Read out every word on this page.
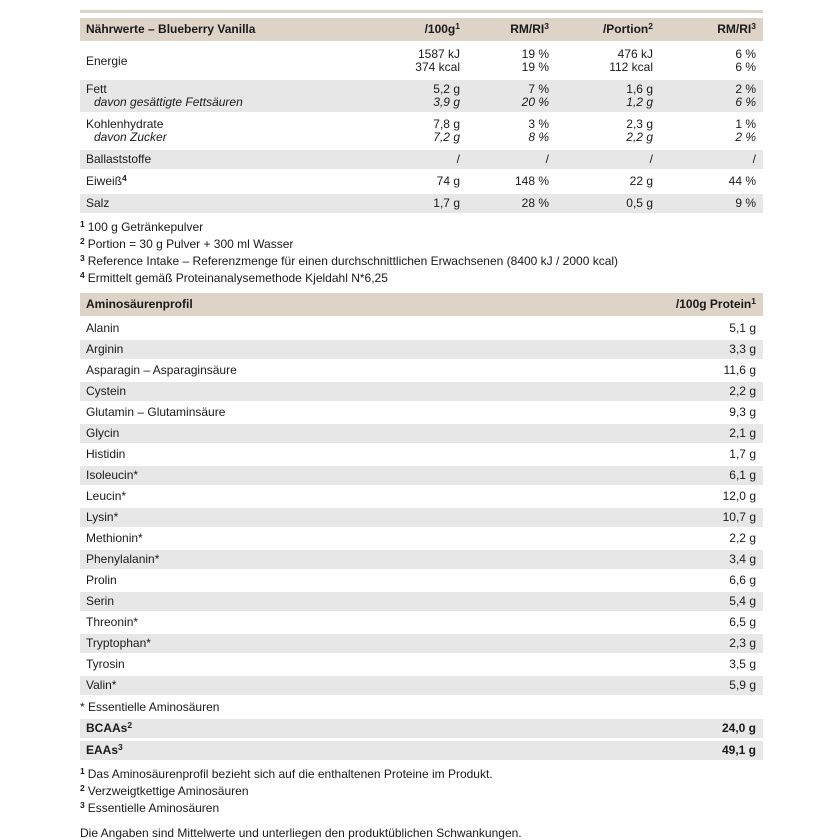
Nährwerte – Blueberry Vanilla	$/100g^1$	$RM/RI^3$	/Portion$^2$	$RM/RI^3$
Energie	1587 kJ	19 %	476 kJ	6 %
374 kcal	19 %	112 kcal	6 %
Fett	5,2 g	7 %	1,6 g	2 %
davon gesättigte Fettsäuren	3,9 g	20 %	1,2 g	6 %
Kohlenhydrate	7,8 g	3 %	2,3 g	1 %
davon Zucker	7,2 g	8 %	2,2 g	2 %
Ballaststoffe	/	/	/	/
Eiweiß$^4$	74 g	148 %	22 g	44 %
Salz	1,7 g	28 %	0,5 g	9 %

$^1$ 100 g Getränkepulver

$^2$ Portion = 30 g Pulver + 300 ml Wasser

$^3$ Reference Intake – Referenzmenge für einen durchschnittlichen Erwachsenen (8400 kJ / 2000 kcal)

$^4$ Ermittelt gemäß Proteinanalysemethode Kjeldahl N*6,25

Aminosäurenprofil	/100g Protein$^1$
Alanin	5,1 g
Arginin	3,3 g
Asparagin – Asparaginsäure	11,6 g
Cystein	2,2 g
Glutamin – Glutaminsäure	9,3 g
Glycin	2,1 g
Histidin	1,7 g
Isoleucin*	6,1 g
Leucin*	12,0 g
Lysin*	10,7 g
Methionin*	2,2 g
Phenylalanin*	3,4 g
Prolin	6,6 g
Serin	5,4 g
Threonin*	6,5 g
Tryptophan*	2,3 g
Tyrosin	3,5 g
Valin*	5,9 g
* Essentielle Aminosäuren
BCAAs$^2$	24,0 g
EAAs$^3$	49,1 g

$^1$ Das Aminosäurenprofil bezieht sich auf die enthaltenen Proteine im Produkt.

$^2$ Verzweigtkettige Aminosäuren

$^3$ Essentielle Aminosäuren

Die Angaben sind Mittelwerte und unterliegen den produktüblichen Schwankungen.
